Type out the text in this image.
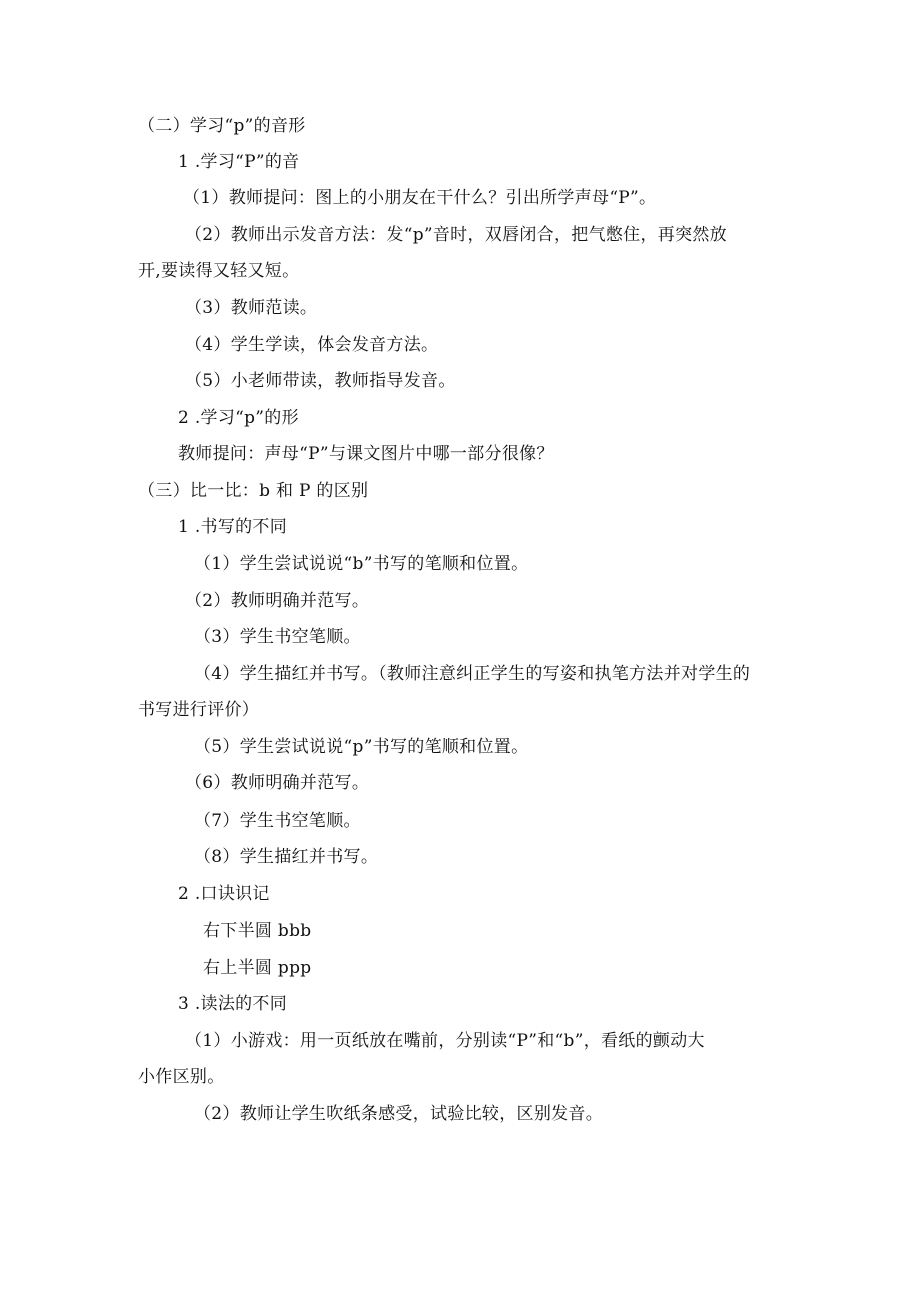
（二）学习“p”的音形
1 .学习“P”的音
（1）教师提问：图上的小朋友在干什么？引出所学声母“P”。
（2）教师出示发音方法：发“p”音时，双唇闭合，把气憋住，再突然放
开,要读得又轻又短。
（3）教师范读。
（4）学生学读，体会发音方法。
（5）小老师带读，教师指导发音。
2 .学习“p”的形
教师提问：声母“P”与课文图片中哪一部分很像？
（三）比一比：b 和 P 的区别
1 .书写的不同
（1）学生尝试说说“b”书写的笔顺和位置。
（2）教师明确并范写。
（3）学生书空笔顺。
（4）学生描红并书写。（教师注意纠正学生的写姿和执笔方法并对学生的
书写进行评价）
（5）学生尝试说说“p”书写的笔顺和位置。
（6）教师明确并范写。
（7）学生书空笔顺。
（8）学生描红并书写。
2 .口诀识记
右下半圆 bbb
右上半圆 ppp
3 .读法的不同
（1）小游戏：用一页纸放在嘴前，分别读“P”和“b”，看纸的颤动大
小作区别。
（2）教师让学生吹纸条感受，试验比较，区别发音。
